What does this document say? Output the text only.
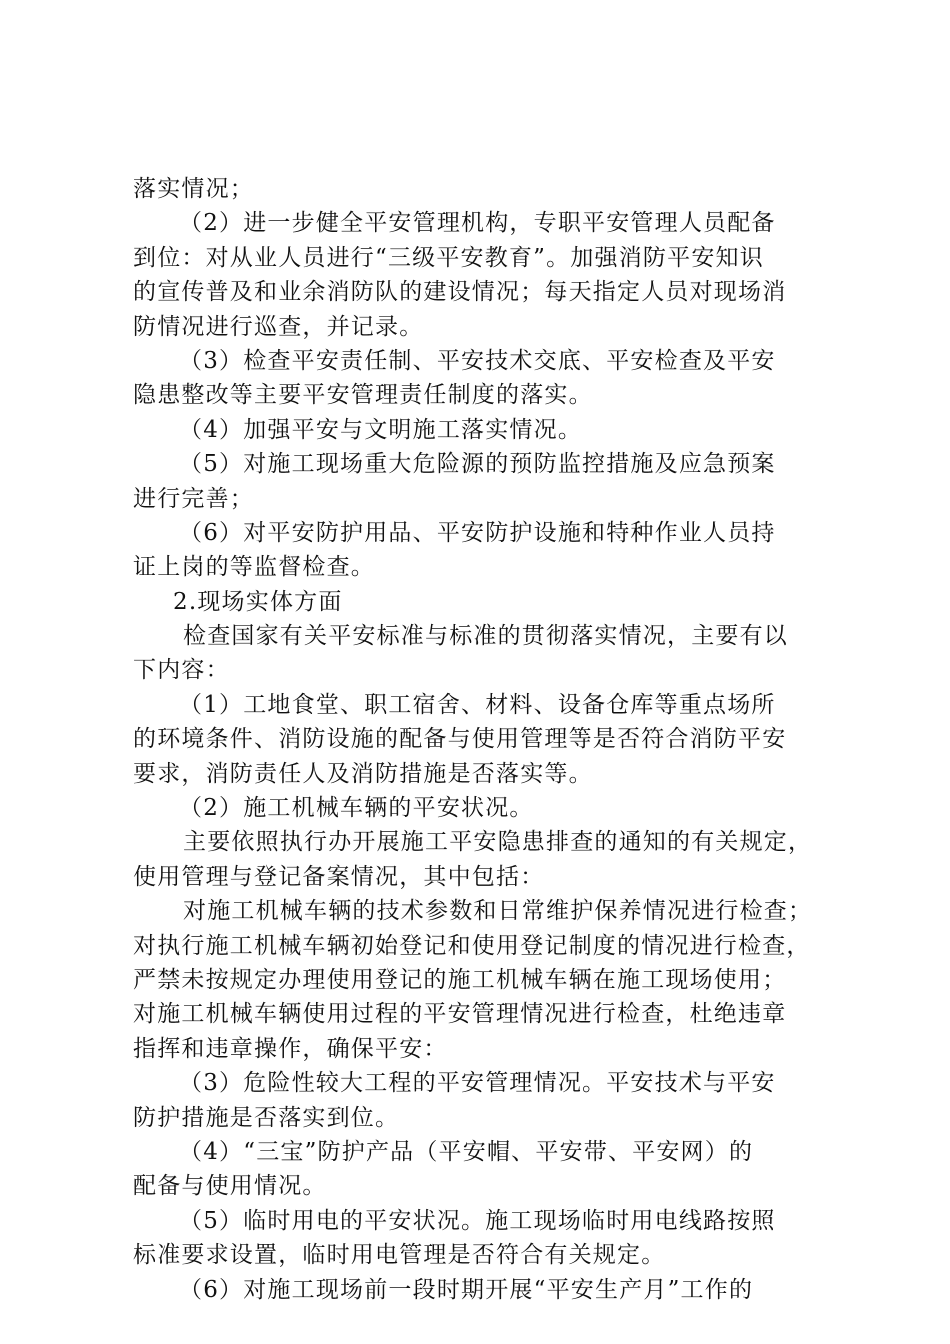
落实情况；
（2）进一步健全平安管理机构，专职平安管理人员配备
到位：对从业人员进行“三级平安教育”。加强消防平安知识
的宣传普及和业余消防队的建设情况；每天指定人员对现场消
防情况进行巡查，并记录。
（3）检查平安责任制、平安技术交底、平安检查及平安
隐患整改等主要平安管理责任制度的落实。
（4）加强平安与文明施工落实情况。
（5）对施工现场重大危险源的预防监控措施及应急预案
进行完善；
（6）对平安防护用品、平安防护设施和特种作业人员持
证上岗的等监督检查。
2.现场实体方面
检查国家有关平安标准与标准的贯彻落实情况，主要有以
下内容：
（1）工地食堂、职工宿舍、材料、设备仓库等重点场所
的环境条件、消防设施的配备与使用管理等是否符合消防平安
要求，消防责任人及消防措施是否落实等。
（2）施工机械车辆的平安状况。
主要依照执行办开展施工平安隐患排查的通知的有关规定，
使用管理与登记备案情况，其中包括：
对施工机械车辆的技术参数和日常维护保养情况进行检查；
对执行施工机械车辆初始登记和使用登记制度的情况进行检查，
严禁未按规定办理使用登记的施工机械车辆在施工现场使用；
对施工机械车辆使用过程的平安管理情况进行检查，杜绝违章
指挥和违章操作，确保平安：
（3）危险性较大工程的平安管理情况。平安技术与平安
防护措施是否落实到位。
（4）“三宝”防护产品（平安帽、平安带、平安网）的
配备与使用情况。
（5）临时用电的平安状况。施工现场临时用电线路按照
标准要求设置，临时用电管理是否符合有关规定。
（6）对施工现场前一段时期开展“平安生产月”工作的
